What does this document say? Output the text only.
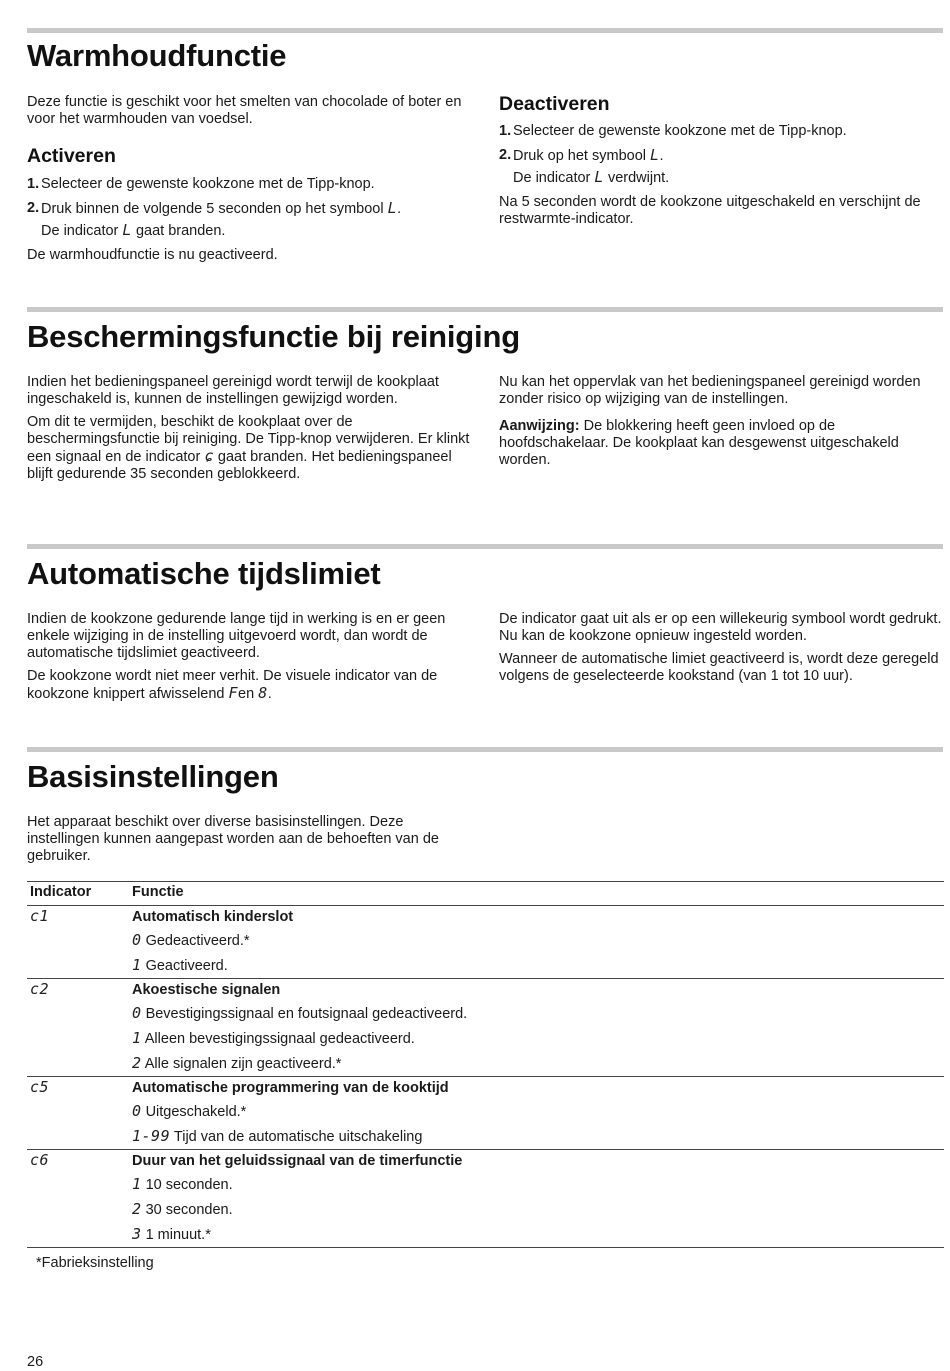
Warmhoudfunctie

Deze functie is geschikt voor het smelten van chocolade of boter en voor het warmhouden van voedsel.

Activeren
1. Selecteer de gewenste kookzone met de Tipp-knop.
2. Druk binnen de volgende 5 seconden op het symbool L.
De indicator L gaat branden.

De warmhoudfunctie is nu geactiveerd.

Deactiveren
1. Selecteer de gewenste kookzone met de Tipp-knop.
2. Druk op het symbool L.
De indicator L verdwijnt.

Na 5 seconden wordt de kookzone uitgeschakeld en verschijnt de restwarmte-indicator.

Beschermingsfunctie bij reiniging

Indien het bedieningspaneel gereinigd wordt terwijl de kookplaat ingeschakeld is, kunnen de instellingen gewijzigd worden.

Om dit te vermijden, beschikt de kookplaat over de beschermingsfunctie bij reiniging. De Tipp-knop verwijderen. Er klinkt een signaal en de indicator ɕ gaat branden. Het bedieningspaneel blijft gedurende 35 seconden geblokkeerd.

Nu kan het oppervlak van het bedieningspaneel gereinigd worden zonder risico op wijziging van de instellingen.

Aanwijzing: De blokkering heeft geen invloed op de hoofdschakelaar. De kookplaat kan desgewenst uitgeschakeld worden.

Automatische tijdslimiet

Indien de kookzone gedurende lange tijd in werking is en er geen enkele wijziging in de instelling uitgevoerd wordt, dan wordt de automatische tijdslimiet geactiveerd.

De kookzone wordt niet meer verhit. De visuele indicator van de kookzone knippert afwisselend Fen 8.

De indicator gaat uit als er op een willekeurig symbool wordt gedrukt. Nu kan de kookzone opnieuw ingesteld worden.

Wanneer de automatische limiet geactiveerd is, wordt deze geregeld volgens de geselecteerde kookstand (van 1 tot 10 uur).

Basisinstellingen

Het apparaat beschikt over diverse basisinstellingen. Deze instellingen kunnen aangepast worden aan de behoeften van de gebruiker.

Indicator	Functie
c1	Automatisch kinderslot
	0 Gedeactiveerd.*
	1 Geactiveerd.
c2	Akoestische signalen
	0 Bevestigingssignaal en foutsignaal gedeactiveerd.
	1 Alleen bevestigingssignaal gedeactiveerd.
	2 Alle signalen zijn geactiveerd.*
c5	Automatische programmering van de kooktijd
	0 Uitgeschakeld.*
	1-99 Tijd van de automatische uitschakeling
c6	Duur van het geluidssignaal van de timerfunctie
	1 10 seconden.
	2 30 seconden.
	3 1 minuut.*
*Fabrieksinstelling
26
